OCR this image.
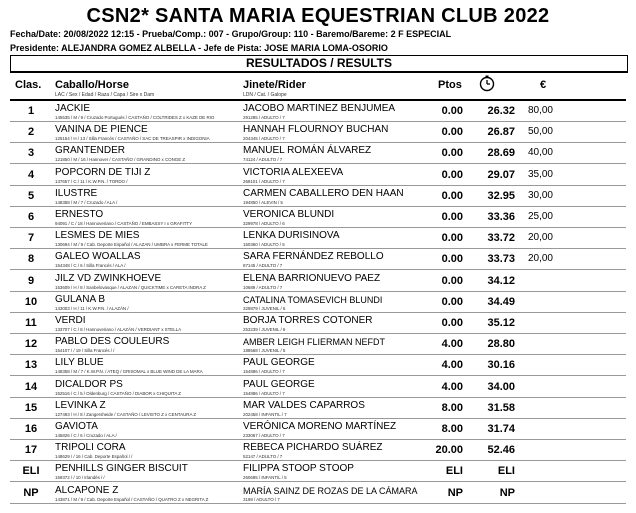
CSN2* SANTA MARIA EQUESTRIAN CLUB 2022
Fecha/Date: 20/08/2022 12:15 - Prueba/Comp.: 007 - Grupo/Group: 110 - Baremo/Bareme: 2 F ESPECIAL
Presidente: ALEJANDRA GOMEZ ALBELLA - Jefe de Pista: JOSE MARIA LOMA-OSORIO
RESULTADOS / RESULTS
Clas. Caballo/Horse
LAC / Sex / Edad / Raza / Capa / Sire x Dam
Jinete/Rider
LDN / Cat. / Galope
Ptos	€
1	JACKIE
145535 / M / 9 / Cruzado Portugués / CASTAÑO / COLTRIDES Z x KAZE DE RIO
JACOBO MARTINEZ BENJUMEA
291285 / ADULTO / 7
0.00	26.32	80,00
2	VANINA DE PIENCE
125154 / H / 13 / Silla Francés / CASTAÑO / SAC DE TREASPIR x INDIGONIA
HANNAH FLOURNOY BUCHAN
204345 / ADULTO / 7
0.00	26.87	50,00
3	GRANTENDER
121850 / M / 16 / Hannover / CASTAÑO / GRANDINO x CONGE Z
MANUEL ROMÁN ÁLVAREZ
74124 / ADULTO / 7
0.00	28.69	40,00
4	POPCORN DE TIJI Z
137657 / C / 11 / K.W.P.N. / TORDO /
VICTORIA ALEXEEVA
269101 / ADULTO / 7
0.00	29.07	35,00
5	ILUSTRE
148358 / M / 7 / Cruzado / ALA /
CARMEN CABALLERO DEN HAAN
194850 / ALEVIN / 5
0.00	32.95	30,00
6	ERNESTO
94091 / C / 18 / Hannoveriano / CASTAÑO / EMBASSY I x GRAFITTY
VERONICA BLUNDI
329978 / ADULTO / 6
0.00	33.36	25,00
7	LESMES DE MIES
130694 / M / 9 / Cab. Deporte Español / ALAZAN / UMBRA x FERME TOTALE
LENKA DURISINOVA
150360 / ADULTO / 5
0.00	33.72	20,00
8	GALEO WOALLAS
154348 / C / 6 / Silla Francés / ALA /
SARA FERNÁNDEZ REBOLLO
87145 / ADULTO / 7
0.00	33.73	20,00
9	JILZ VD ZWINKHOEVE
153609 / H / 8 / Sanbelovasque / ALAZAN / QUICKTIME x CARETA INDRA Z
ELENA BARRIONUEVO PAEZ
10689 / ADULTO / 7
0.00	34.12
10	GULANA B
143003 / H / 11 / K.W.P.N. / ALAZÁN /
CATALINA TOMASEVICH BLUNDI
329879 / JUVENIL / 6
0.00	34.49
11	VERDI
133707 / C / 8 / Hannoveriano / ALAZÁN / VERDIANT x STELLA
BORJA TORRES COTONER
253239 / JUVENIL / 6
0.00	35.12
12	PABLO DES COULEURS
154107 / / 19 / Silla Francés / /
AMBER LEIGH FLIERMAN NEFDT
188568 / JUVENIL / 5
4.00	28.80
13	LILY BLUE
148358 / M / 7 / K.W.P.N. / ATEQ / GRISOMAL x BLUE WIND DE LA MARA
PAUL GEORGE
154886 / ADULTO / 7
4.00	30.16
14	DICALDOR PS
152516 / C / 5 / Oldenburg / CASTAÑO / DIABOR x CHIQUITA Z
PAUL GEORGE
154886 / ADULTO / 7
4.00	34.00
15	LEVINKA Z
127493 / H / 8 / Zangersheide / CASTAÑO / LEVISTO Z x CENTAURA Z
MAR VALDES CAPARROS
202458 / INFANTIL / 7
8.00	31.58
16	GAVIOTA
145826 / C / 6 / Cruzado / ALA /
VERÓNICA MORENO MARTÍNEZ
233067 / ADULTO / 7
8.00	31.74
17	TRIPOLI CORA
148629 / / 16 / Cab. Deporte Español / /
REBECA PICHARDO SUÁREZ
52147 / ADULTO / 7
20.00	52.46
ELI	PENHILLS GINGER BISCUIT
159372 / / 10 / Irlandés / /
FILIPPA STOOP STOOP
260695 / INFANTIL / 5
ELI	ELI
NP	ALCAPONE Z
143871 / M / 9 / Cab. Deporte Español / CASTAÑO / QUATRO Z x NEGRITA Z
MARÍA SAINZ DE ROZAS DE LA CÁMARA
3198 / ADULTO / 7
NP	NP
